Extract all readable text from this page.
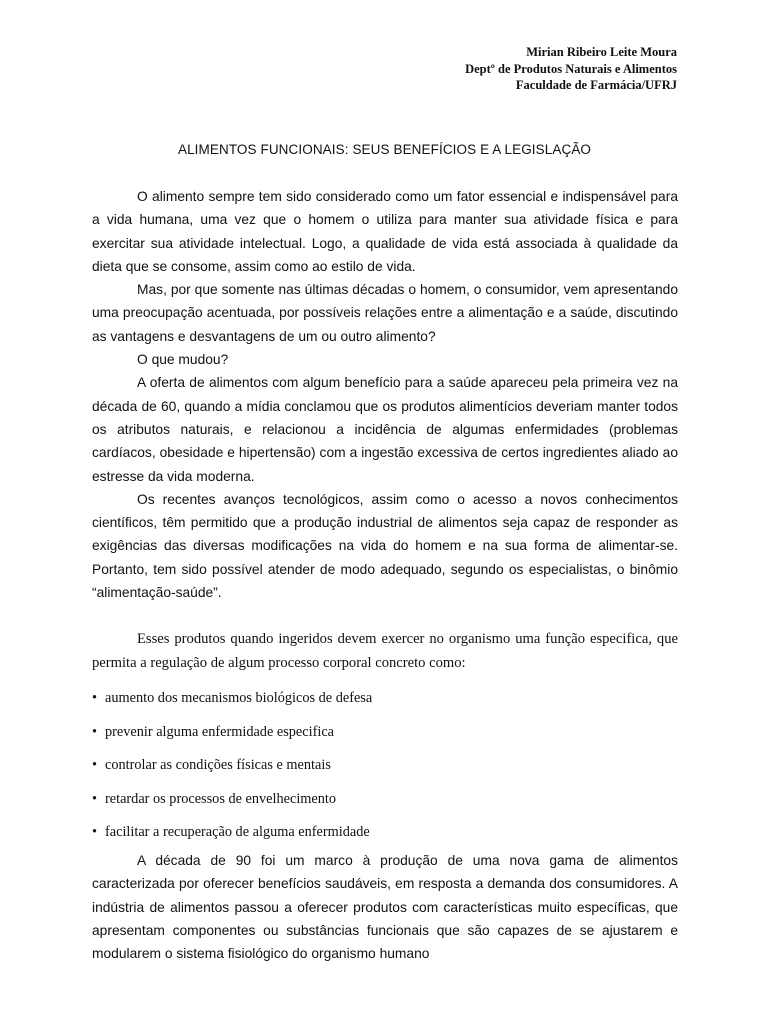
Mirian Ribeiro Leite Moura
Deptº de Produtos Naturais e Alimentos
Faculdade de Farmácia/UFRJ
ALIMENTOS FUNCIONAIS: SEUS BENEFÍCIOS E A LEGISLAÇÃO

O alimento sempre tem sido considerado como um fator essencial e indispensável para a vida humana, uma vez que o homem o utiliza para manter sua atividade física e para exercitar sua atividade intelectual. Logo, a qualidade de vida está associada à qualidade da dieta que se consome, assim como ao estilo de vida.

Mas, por que somente nas últimas décadas o homem, o consumidor, vem apresentando uma preocupação acentuada, por possíveis relações entre a alimentação e a saúde, discutindo as vantagens e desvantagens de um ou outro alimento?

O que mudou?

A oferta de alimentos com algum benefício para a saúde apareceu pela primeira vez na década de 60, quando a mídia conclamou que os produtos alimentícios deveriam manter todos os atributos naturais, e relacionou a incidência de algumas enfermidades (problemas cardíacos, obesidade e hipertensão) com a ingestão excessiva de certos ingredientes aliado ao estresse da vida moderna.

Os recentes avanços tecnológicos, assim como o acesso a novos conhecimentos científicos, têm permitido que a produção industrial de alimentos seja capaz de responder as exigências das diversas modificações na vida do homem e na sua forma de alimentar-se. Portanto, tem sido possível atender de modo adequado, segundo os especialistas, o binômio “alimentação-saúde”.

Esses produtos quando ingeridos devem exercer no organismo uma função especifica, que permita a regulação de algum processo corporal concreto como:

• aumento dos mecanismos biológicos de defesa
• prevenir alguma enfermidade especifica
• controlar as condições físicas e mentais
• retardar os processos de envelhecimento
• facilitar a recuperação de alguma enfermidade

A década de 90 foi um marco à produção de uma nova gama de alimentos caracterizada por oferecer benefícios saudáveis, em resposta a demanda dos consumidores. A indústria de alimentos passou a oferecer produtos com características muito específicas, que apresentam componentes ou substâncias funcionais que são capazes de se ajustarem e modularem o sistema fisiológico do organismo humano
